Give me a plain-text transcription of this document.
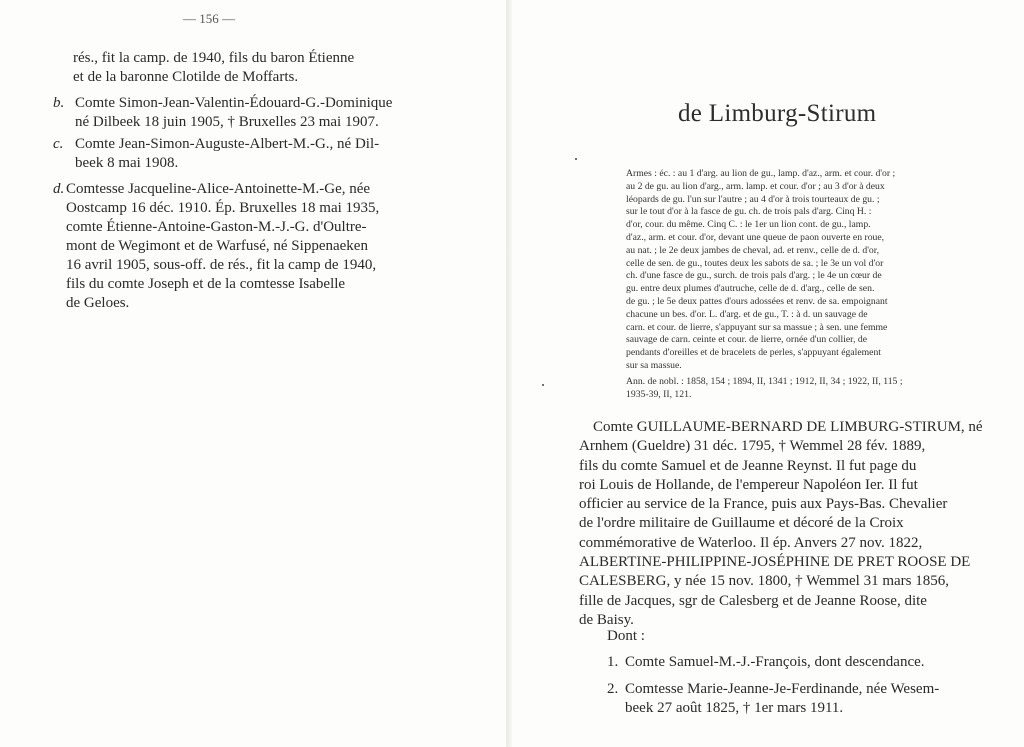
— 156 —
rés., fit la camp. de 1940, fils du baron Étienne
et de la baronne Clotilde de Moffarts.
b. Comte Simon-Jean-Valentin-Édouard-G.-Dominique
né Dilbeek 18 juin 1905, † Bruxelles 23 mai 1907.
c. Comte Jean-Simon-Auguste-Albert-M.-G., né Dil-
beek 8 mai 1908.
d. Comtesse Jacqueline-Alice-Antoinette-M.-Ge, née
Oostcamp 16 déc. 1910. Ép. Bruxelles 18 mai 1935,
comte Étienne-Antoine-Gaston-M.-J.-G. d'Oultre-
mont de Wegimont et de Warfusé, né Sippenaeken
16 avril 1905, sous-off. de rés., fit la camp de 1940,
fils du comte Joseph et de la comtesse Isabelle
de Geloes.
de Limburg-Stirum
Armes : éc. : au 1 d'arg. au lion de gu., lamp. d'az., arm. et cour. d'or ;
au 2 de gu. au lion d'arg., arm. lamp. et cour. d'or ; au 3 d'or à deux
léopards de gu. l'un sur l'autre ; au 4 d'or à trois tourteaux de gu. ;
sur le tout d'or à la fasce de gu. ch. de trois pals d'arg. Cinq H. :
d'or, cour. du même. Cinq C. : le 1er un lion cont. de gu., lamp.
d'az., arm. et cour. d'or, devant une queue de paon ouverte en roue,
au nat. ; le 2e deux jambes de cheval, ad. et renv., celle de d. d'or,
celle de sen. de gu., toutes deux les sabots de sa. ; le 3e un vol d'or
ch. d'une fasce de gu., surch. de trois pals d'arg. ; le 4e un cœur de
gu. entre deux plumes d'autruche, celle de d. d'arg., celle de sen.
de gu. ; le 5e deux pattes d'ours adossées et renv. de sa. empoignant
chacune un bes. d'or. L. d'arg. et de gu., T. : à d. un sauvage de
carn. et cour. de lierre, s'appuyant sur sa massue ; à sen. une femme
sauvage de carn. ceinte et cour. de lierre, ornée d'un collier, de
pendants d'oreilles et de bracelets de perles, s'appuyant également
sur sa massue.
Ann. de nobl. : 1858, 154 ; 1894, II, 1341 ; 1912, II, 34 ; 1922, II, 115 ;
1935-39, II, 121.
Comte GUILLAUME-BERNARD DE LIMBURG-STIRUM, né
Arnhem (Gueldre) 31 déc. 1795, † Wemmel 28 fév. 1889,
fils du comte Samuel et de Jeanne Reynst. Il fut page du
roi Louis de Hollande, de l'empereur Napoléon Ier. Il fut
officier au service de la France, puis aux Pays-Bas. Chevalier
de l'ordre militaire de Guillaume et décoré de la Croix
commémorative de Waterloo. Il ép. Anvers 27 nov. 1822,
ALBERTINE-PHILIPPINE-JOSÉPHINE DE PRET ROOSE DE
CALESBERG, y née 15 nov. 1800, † Wemmel 31 mars 1856,
fille de Jacques, sgr de Calesberg et de Jeanne Roose, dite
de Baisy.
Dont :
1. Comte Samuel-M.-J.-François, dont descendance.
2. Comtesse Marie-Jeanne-Je-Ferdinande, née Wesem-
beek 27 août 1825, † 1er mars 1911.
